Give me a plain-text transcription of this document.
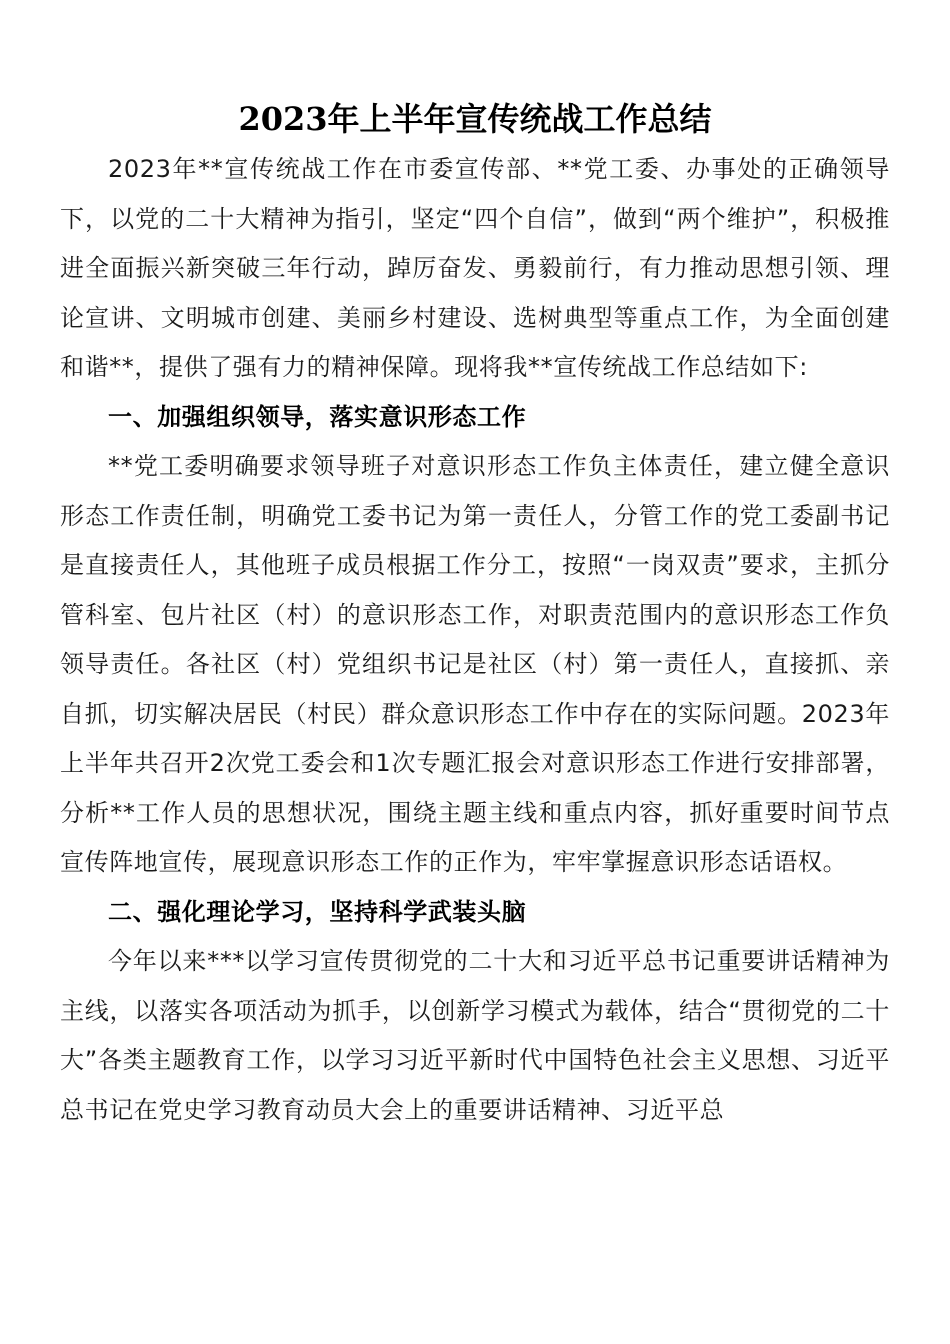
2023年上半年宣传统战工作总结

2023年**宣传统战工作在市委宣传部、**党工委、办事处的正确领导下，以党的二十大精神为指引，坚定“四个自信”，做到“两个维护”，积极推进全面振兴新突破三年行动，踔厉奋发、勇毅前行，有力推动思想引领、理论宣讲、文明城市创建、美丽乡村建设、选树典型等重点工作，为全面创建和谐**，提供了强有力的精神保障。现将我**宣传统战工作总结如下:

一、加强组织领导，落实意识形态工作

**党工委明确要求领导班子对意识形态工作负主体责任，建立健全意识形态工作责任制，明确党工委书记为第一责任人，分管工作的党工委副书记是直接责任人，其他班子成员根据工作分工，按照“一岗双责”要求，主抓分管科室、包片社区（村）的意识形态工作，对职责范围内的意识形态工作负领导责任。各社区（村）党组织书记是社区（村）第一责任人，直接抓、亲自抓，切实解决居民（村民）群众意识形态工作中存在的实际问题。2023年上半年共召开2次党工委会和1次专题汇报会对意识形态工作进行安排部署，分析**工作人员的思想状况，围绕主题主线和重点内容，抓好重要时间节点宣传阵地宣传，展现意识形态工作的正作为，牢牢掌握意识形态话语权。

二、强化理论学习，坚持科学武装头脑

今年以来***以学习宣传贯彻党的二十大和习近平总书记重要讲话精神为主线，以落实各项活动为抓手，以创新学习模式为载体，结合“贯彻党的二十大”各类主题教育工作，以学习习近平新时代中国特色社会主义思想、习近平总书记在党史学习教育动员大会上的重要讲话精神、习近平总
